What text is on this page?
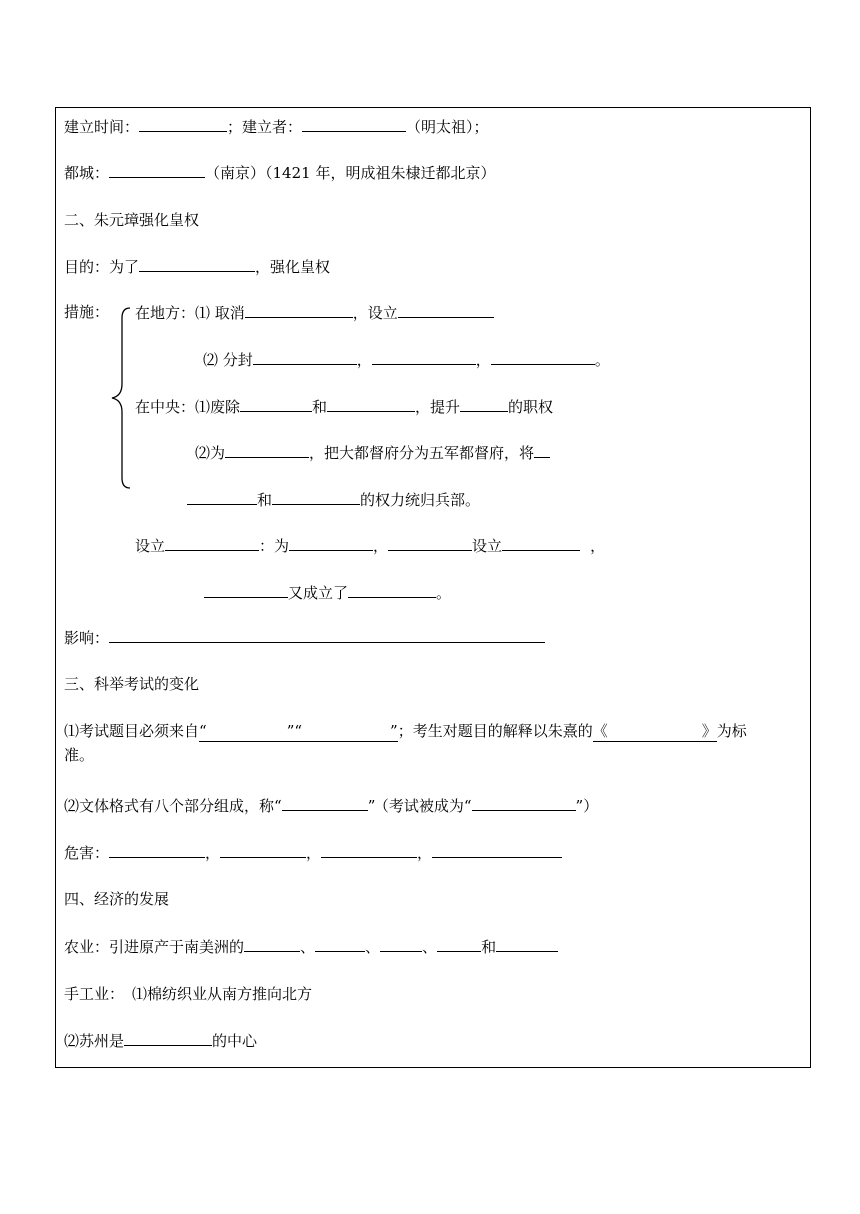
建立时间：	；建立者：	（明太祖）；
都城：	（南京）（1421 年，明成祖朱棣迁都北京）
二、朱元璋强化皇权
目的：为了	，强化皇权
措施： 在地方：⑴ 取消	，设立
⑵ 分封	，	，	。
在中央：⑴废除	和	，提升	的职权
⑵为	，把大都督府分为五军都督府，将
和	的权力统归兵部。
设立	：为	，	设立	，
又成立了	。
影响：
三、科举考试的变化
⑴考试题目必须来自“	”“	”；考生对题目的解释以朱熹的《	》为标
准。
⑵文体格式有八个部分组成，称“	” （考试被成为“	”）
危害：	，	，	，
四、经济的发展
农业：引进原产于南美洲的	、	、	、	和
手工业： ⑴棉纺织业从南方推向北方
⑵苏州是	的中心
